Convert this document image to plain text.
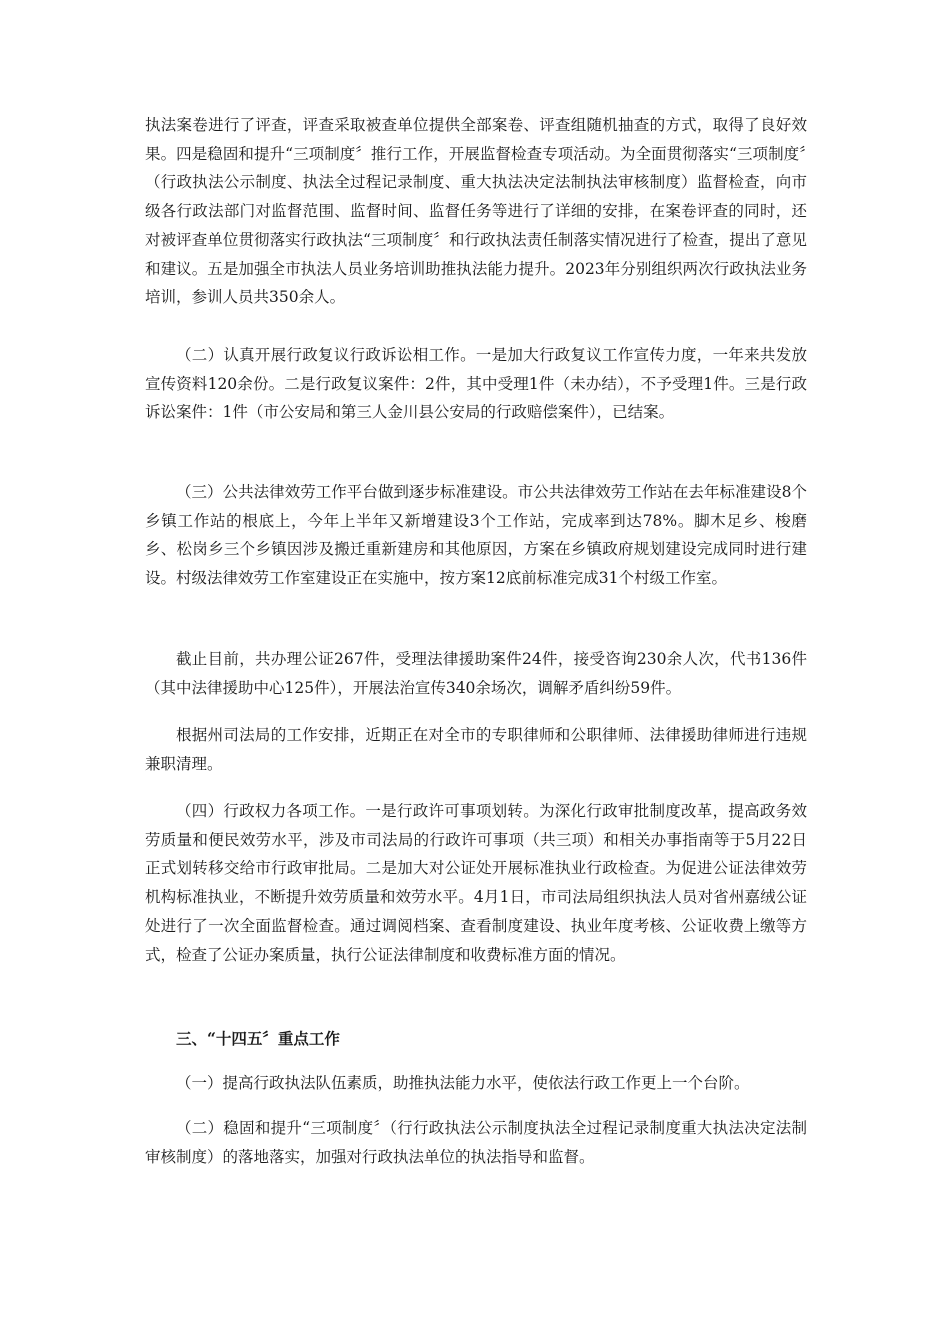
执法案卷进行了评查，评查采取被查单位提供全部案卷、评查组随机抽查的方式，取得了良好效果。四是稳固和提升“三项制度〞推行工作，开展监督检查专项活动。为全面贯彻落实“三项制度〞（行政执法公示制度、执法全过程记录制度、重大执法决定法制执法审核制度）监督检查，向市级各行政法部门对监督范围、监督时间、监督任务等进行了详细的安排，在案卷评查的同时，还对被评查单位贯彻落实行政执法“三项制度〞和行政执法责任制落实情况进行了检查，提出了意见和建议。五是加强全市执法人员业务培训助推执法能力提升。2023年分别组织两次行政执法业务培训，参训人员共350余人。

（二）认真开展行政复议行政诉讼相工作。一是加大行政复议工作宣传力度，一年来共发放宣传资料120余份。二是行政复议案件：2件，其中受理1件（未办结），不予受理1件。三是行政诉讼案件：1件（市公安局和第三人金川县公安局的行政赔偿案件），已结案。

（三）公共法律效劳工作平台做到逐步标准建设。市公共法律效劳工作站在去年标准建设8个乡镇工作站的根底上，今年上半年又新增建设3个工作站，完成率到达78%。脚木足乡、梭磨乡、松岗乡三个乡镇因涉及搬迁重新建房和其他原因，方案在乡镇政府规划建设完成同时进行建设。村级法律效劳工作室建设正在实施中，按方案12底前标准完成31个村级工作室。

截止目前，共办理公证267件，受理法律援助案件24件，接受咨询230余人次，代书136件（其中法律援助中心125件），开展法治宣传340余场次，调解矛盾纠纷59件。

根据州司法局的工作安排，近期正在对全市的专职律师和公职律师、法律援助律师进行违规兼职清理。

（四）行政权力各项工作。一是行政许可事项划转。为深化行政审批制度改革，提高政务效劳质量和便民效劳水平，涉及市司法局的行政许可事项（共三项）和相关办事指南等于5月22日正式划转移交给市行政审批局。二是加大对公证处开展标准执业行政检查。为促进公证法律效劳机构标准执业，不断提升效劳质量和效劳水平。4月1日，市司法局组织执法人员对省州嘉绒公证处进行了一次全面监督检查。通过调阅档案、查看制度建设、执业年度考核、公证收费上缴等方式，检查了公证办案质量，执行公证法律制度和收费标准方面的情况。

三、“十四五〞重点工作

（一）提高行政执法队伍素质，助推执法能力水平，使依法行政工作更上一个台阶。

（二）稳固和提升“三项制度〞（行行政执法公示制度执法全过程记录制度重大执法决定法制审核制度）的落地落实，加强对行政执法单位的执法指导和监督。
